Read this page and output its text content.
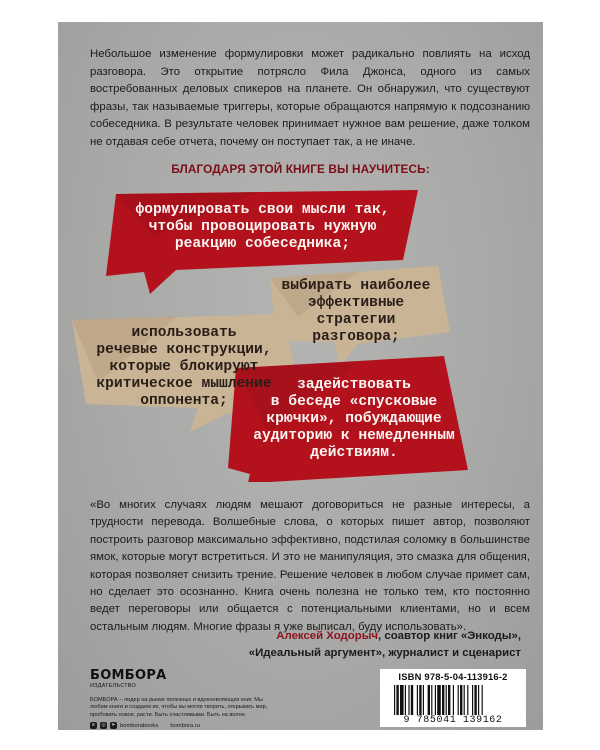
Небольшое изменение формулировки может радикально повлиять на исход разговора. Это открытие потрясло Фила Джонса, одного из самых востребованных деловых спикеров на планете. Он обнаружил, что существуют фразы, так называемые триггеры, которые обращаются напрямую к подсознанию собеседника. В результате человек принимает нужное вам решение, даже толком не отдавая себе отчета, почему он поступает так, а не иначе.
БЛАГОДАРЯ ЭТОЙ КНИГЕ ВЫ НАУЧИТЕСЬ:
формулировать свои мысли так,
чтобы провоцировать нужную
реакцию собеседника;
выбирать наиболее
эффективные стратегии
разговора;
использовать
речевые конструкции,
которые блокируют
критическое мышление
оппонента;
задействовать
в беседе «спусковые
крючки», побуждающие
аудиторию к немедленным
действиям.
«Во многих случаях людям мешают договориться не разные интересы, а трудности перевода. Волшебные слова, о которых пишет автор, позволяют построить разговор максимально эффективно, подстилая соломку в большинстве ямок, которые могут встретиться. И это не манипуляция, это смазка для общения, которая позволяет снизить трение. Решение человек в любом случае примет сам, но сделает это осознанно. Книга очень полезна не только тем, кто постоянно ведет переговоры или общается с потенциальными клиентами, но и всем остальным людям. Многие фразы я уже выписал, буду использовать».
Алексей Ходорыч, соавтор книг «Энкоды»,
«Идеальный аргумент», журналист и сценарист
БОМБОРА
ИЗДАТЕЛЬСТВО
БОМБОРА – лидер на рынке полезных и вдохновляющих книг. Мы любим книги и создаем их, чтобы вы могли творить, открывать мир, пробовать новое, расти. Быть счастливыми. Быть на волне.
в	◎ ➤ bomborabooks bombora.ru
ISBN 978-5-04-113916-2
9 785041 139162
